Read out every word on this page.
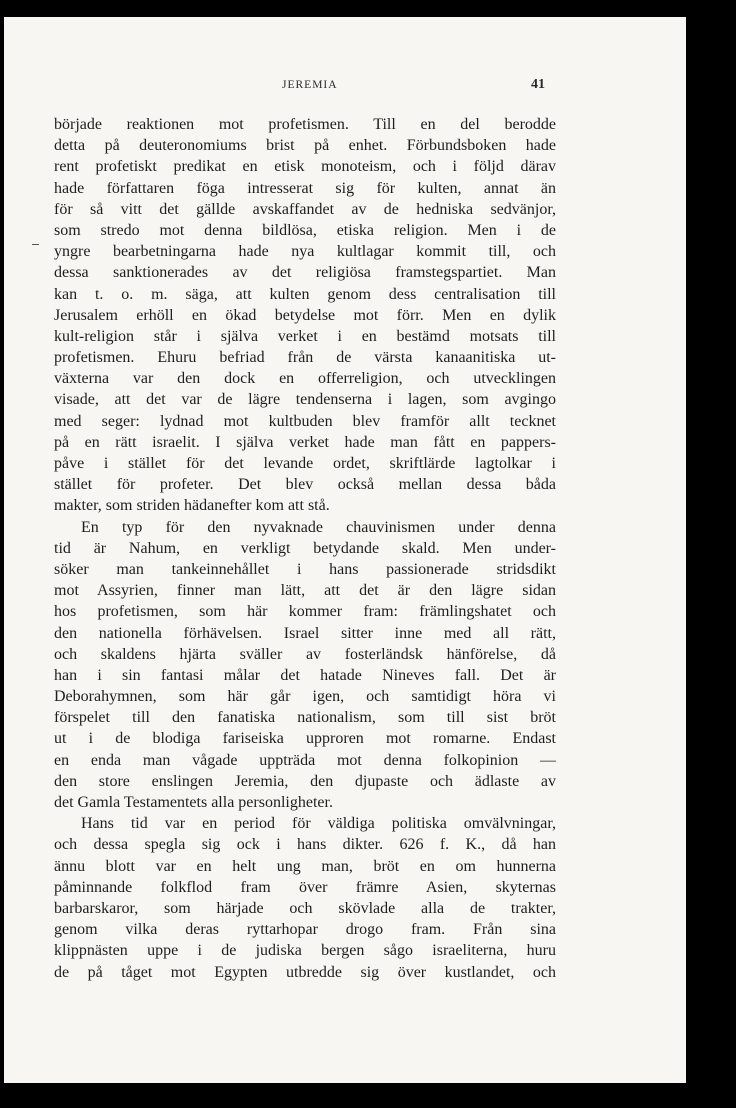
JEREMIA	41
började reaktionen mot profetismen. Till en del berodde
detta på deuteronomiums brist på enhet. Förbundsboken hade
rent profetiskt predikat en etisk monoteism, och i följd därav
hade författaren föga intresserat sig för kulten, annat än
för så vitt det gällde avskaffandet av de hedniska sedvänjor,
som stredo mot denna bildlösa, etiska religion. Men i de
yngre bearbetningarna hade nya kultlagar kommit till, och
dessa sanktionerades av det religiösa framstegspartiet. Man
kan t. o. m. säga, att kulten genom dess centralisation till
Jerusalem erhöll en ökad betydelse mot förr. Men en dylik
kult-religion står i själva verket i en bestämd motsats till
profetismen. Ehuru befriad från de värsta kanaanitiska ut-
växterna var den dock en offerreligion, och utvecklingen
visade, att det var de lägre tendenserna i lagen, som avgingo
med seger: lydnad mot kultbuden blev framför allt tecknet
på en rätt israelit. I själva verket hade man fått en pappers-
påve i stället för det levande ordet, skriftlärde lagtolkar i
stället för profeter. Det blev också mellan dessa båda
makter, som striden hädanefter kom att stå.
En typ för den nyvaknade chauvinismen under denna
tid är Nahum, en verkligt betydande skald. Men under-
söker man tankeinnehållet i hans passionerade stridsdikt
mot Assyrien, finner man lätt, att det är den lägre sidan
hos profetismen, som här kommer fram: främlingshatet och
den nationella förhävelsen. Israel sitter inne med all rätt,
och skaldens hjärta sväller av fosterländsk hänförelse, då
han i sin fantasi målar det hatade Nineves fall. Det är
Deborahymnen, som här går igen, och samtidigt höra vi
förspelet till den fanatiska nationalism, som till sist bröt
ut i de blodiga fariseiska upproren mot romarne. Endast
en enda man vågade uppträda mot denna folkopinion —
den store enslingen Jeremia, den djupaste och ädlaste av
det Gamla Testamentets alla personligheter.
Hans tid var en period för väldiga politiska omvälvningar,
och dessa spegla sig ock i hans dikter. 626 f. K., då han
ännu blott var en helt ung man, bröt en om hunnerna
påminnande folkflod fram över främre Asien, skyternas
barbarskaror, som härjade och skövlade alla de trakter,
genom vilka deras ryttarhopar drogo fram. Från sina
klippnästen uppe i de judiska bergen sågo israeliterna, huru
de på tåget mot Egypten utbredde sig över kustlandet, och
